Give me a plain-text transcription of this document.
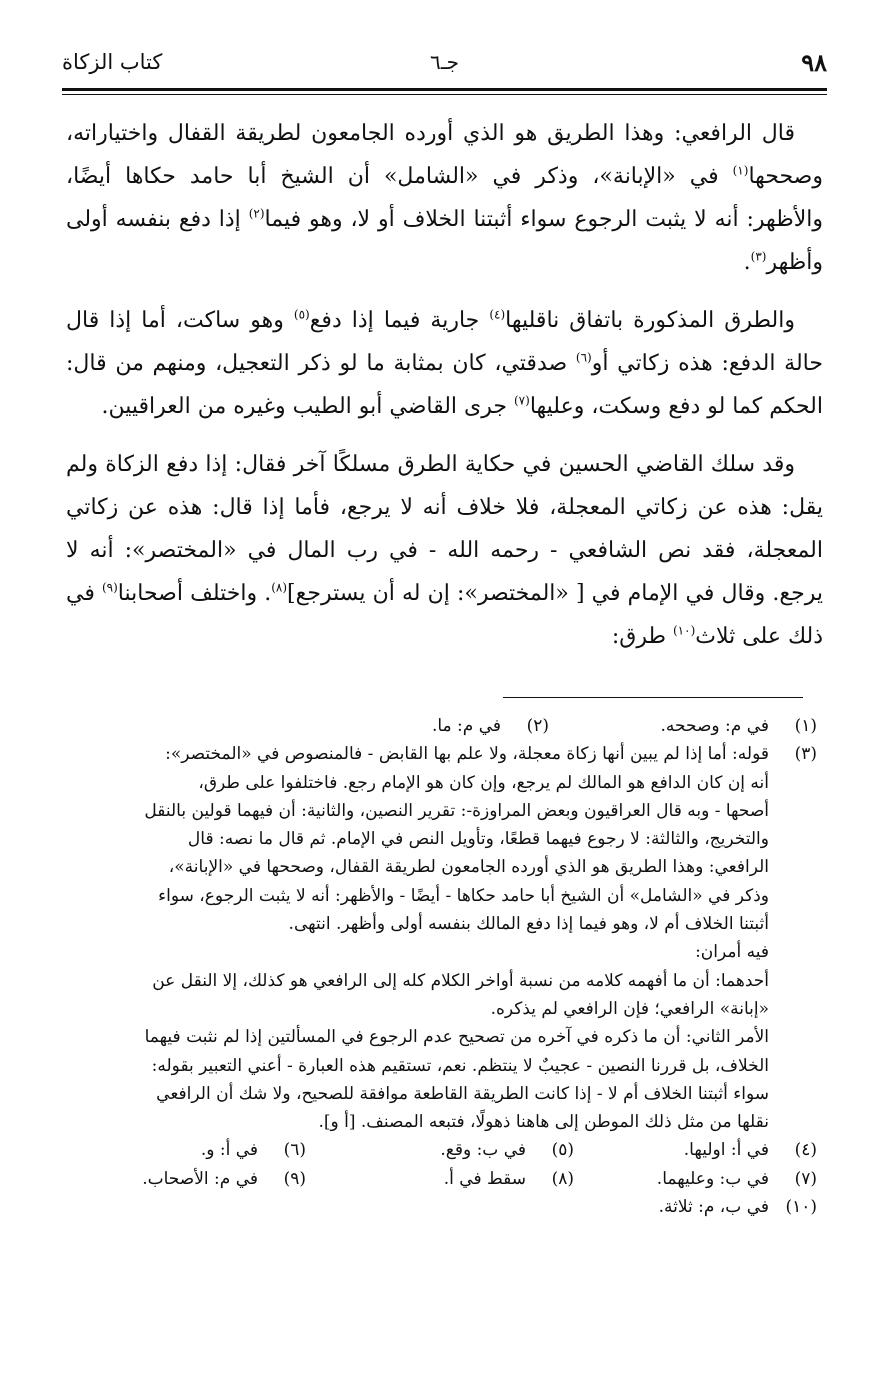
٩٨
جـ٦
كتاب الزكاة

قال الرافعي: وهذا الطريق هو الذي أورده الجامعون لطريقة القفال واختياراته، وصححها$^{(١)}$ في «الإبانة»، وذكر في «الشامل» أن الشيخ أبا حامد حكاها أيضًا، والأظهر: أنه لا يثبت الرجوع سواء أثبتنا الخلاف أو لا، وهو فيما$^{(٢)}$ إذا دفع بنفسه أولى وأظهر$^{(٣)}$.

والطرق المذكورة باتفاق ناقليها$^{(٤)}$ جارية فيما إذا دفع$^{(٥)}$ وهو ساكت، أما إذا قال حالة الدفع: هذه زكاتي أو$^{(٦)}$ صدقتي، كان بمثابة ما لو ذكر التعجيل، ومنهم من قال: الحكم كما لو دفع وسكت، وعليها$^{(٧)}$ جرى القاضي أبو الطيب وغيره من العراقيين.

وقد سلك القاضي الحسين في حكاية الطرق مسلكًا آخر فقال: إذا دفع الزكاة ولم يقل: هذه عن زكاتي المعجلة، فلا خلاف أنه لا يرجع، فأما إذا قال: هذه عن زكاتي المعجلة، فقد نص الشافعي - رحمه الله - في رب المال في «المختصر»: أنه لا يرجع. وقال في الإمام في [ «المختصر»: إن له أن يسترجع]$^{(٨)}$. واختلف أصحابنا$^{(٩)}$ في ذلك على ثلاث$^{(١٠)}$ طرق:

(١)
في م: وصححه.
(٢)
في م: ما.
(٣)
قوله: أما إذا لم يبين أنها زكاة معجلة، ولا علم بها القابض - فالمنصوص في «المختصر»:
أنه إن كان الدافع هو المالك لم يرجع، وإن كان هو الإمام رجع. فاختلفوا على طرق،
أصحها - وبه قال العراقيون وبعض المراوزة-: تقرير النصين، والثانية: أن فيهما قولين بالنقل
والتخريج، والثالثة: لا رجوع فيهما قطعًا، وتأويل النص في الإمام. ثم قال ما نصه: قال
الرافعي: وهذا الطريق هو الذي أورده الجامعون لطريقة القفال، وصححها في «الإبانة»،
وذكر في «الشامل» أن الشيخ أبا حامد حكاها - أيضًا - والأظهر: أنه لا يثبت الرجوع، سواء
أثبتنا الخلاف أم لا، وهو فيما إذا دفع المالك بنفسه أولى وأظهر. انتهى.
فيه أمران:
أحدهما: أن ما أفهمه كلامه من نسبة أواخر الكلام كله إلى الرافعي هو كذلك، إلا النقل عن
«إبانة» الرافعي؛ فإن الرافعي لم يذكره.
الأمر الثاني: أن ما ذكره في آخره من تصحيح عدم الرجوع في المسألتين إذا لم نثبت فيهما
الخلاف، بل قررنا النصين - عجيبٌ لا ينتظم. نعم، تستقيم هذه العبارة - أعني التعبير بقوله:
سواء أثبتنا الخلاف أم لا - إذا كانت الطريقة القاطعة موافقة للصحيح، ولا شك أن الرافعي
نقلها من مثل ذلك الموطن إلى هاهنا ذهولًا، فتبعه المصنف. [أ و].
(٤)
في أ: اوليها.
(٥)
في ب: وقع.
(٦)
في أ: و.
(٧)
في ب: وعليهما.
(٨)
سقط في أ.
(٩)
في م: الأصحاب.
(١٠)
في ب، م: ثلاثة.
